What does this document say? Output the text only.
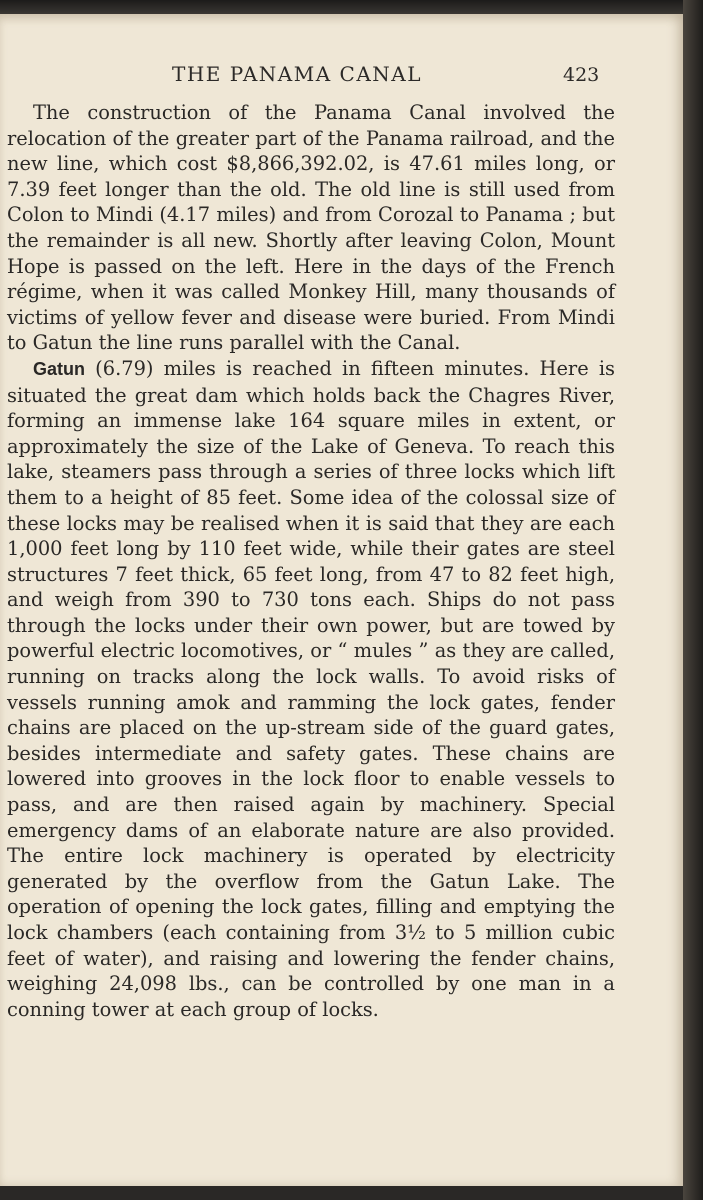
THE PANAMA CANAL	423

The construction of the Panama Canal involved the relocation of the greater part of the Panama railroad, and the new line, which cost $8,866,392.02, is 47.61 miles long, or 7.39 feet longer than the old. The old line is still used from Colon to Mindi (4.17 miles) and from Corozal to Panama ; but the remainder is all new. Shortly after leaving Colon, Mount Hope is passed on the left. Here in the days of the French régime, when it was called Monkey Hill, many thousands of victims of yellow fever and disease were buried. From Mindi to Gatun the line runs parallel with the Canal.

Gatun (6.79) miles is reached in fifteen minutes. Here is situated the great dam which holds back the Chagres River, forming an immense lake 164 square miles in extent, or approximately the size of the Lake of Geneva. To reach this lake, steamers pass through a series of three locks which lift them to a height of 85 feet. Some idea of the colossal size of these locks may be realised when it is said that they are each 1,000 feet long by 110 feet wide, while their gates are steel structures 7 feet thick, 65 feet long, from 47 to 82 feet high, and weigh from 390 to 730 tons each. Ships do not pass through the locks under their own power, but are towed by powerful electric locomotives, or “ mules ” as they are called, running on tracks along the lock walls. To avoid risks of vessels running amok and ramming the lock gates, fender chains are placed on the up-stream side of the guard gates, besides intermediate and safety gates. These chains are lowered into grooves in the lock floor to enable vessels to pass, and are then raised again by machinery. Special emergency dams of an elaborate nature are also provided. The entire lock machinery is operated by electricity generated by the overflow from the Gatun Lake. The operation of opening the lock gates, filling and emptying the lock chambers (each containing from 3½ to 5 million cubic feet of water), and raising and lowering the fender chains, weighing 24,098 lbs., can be controlled by one man in a conning tower at each group of locks.
